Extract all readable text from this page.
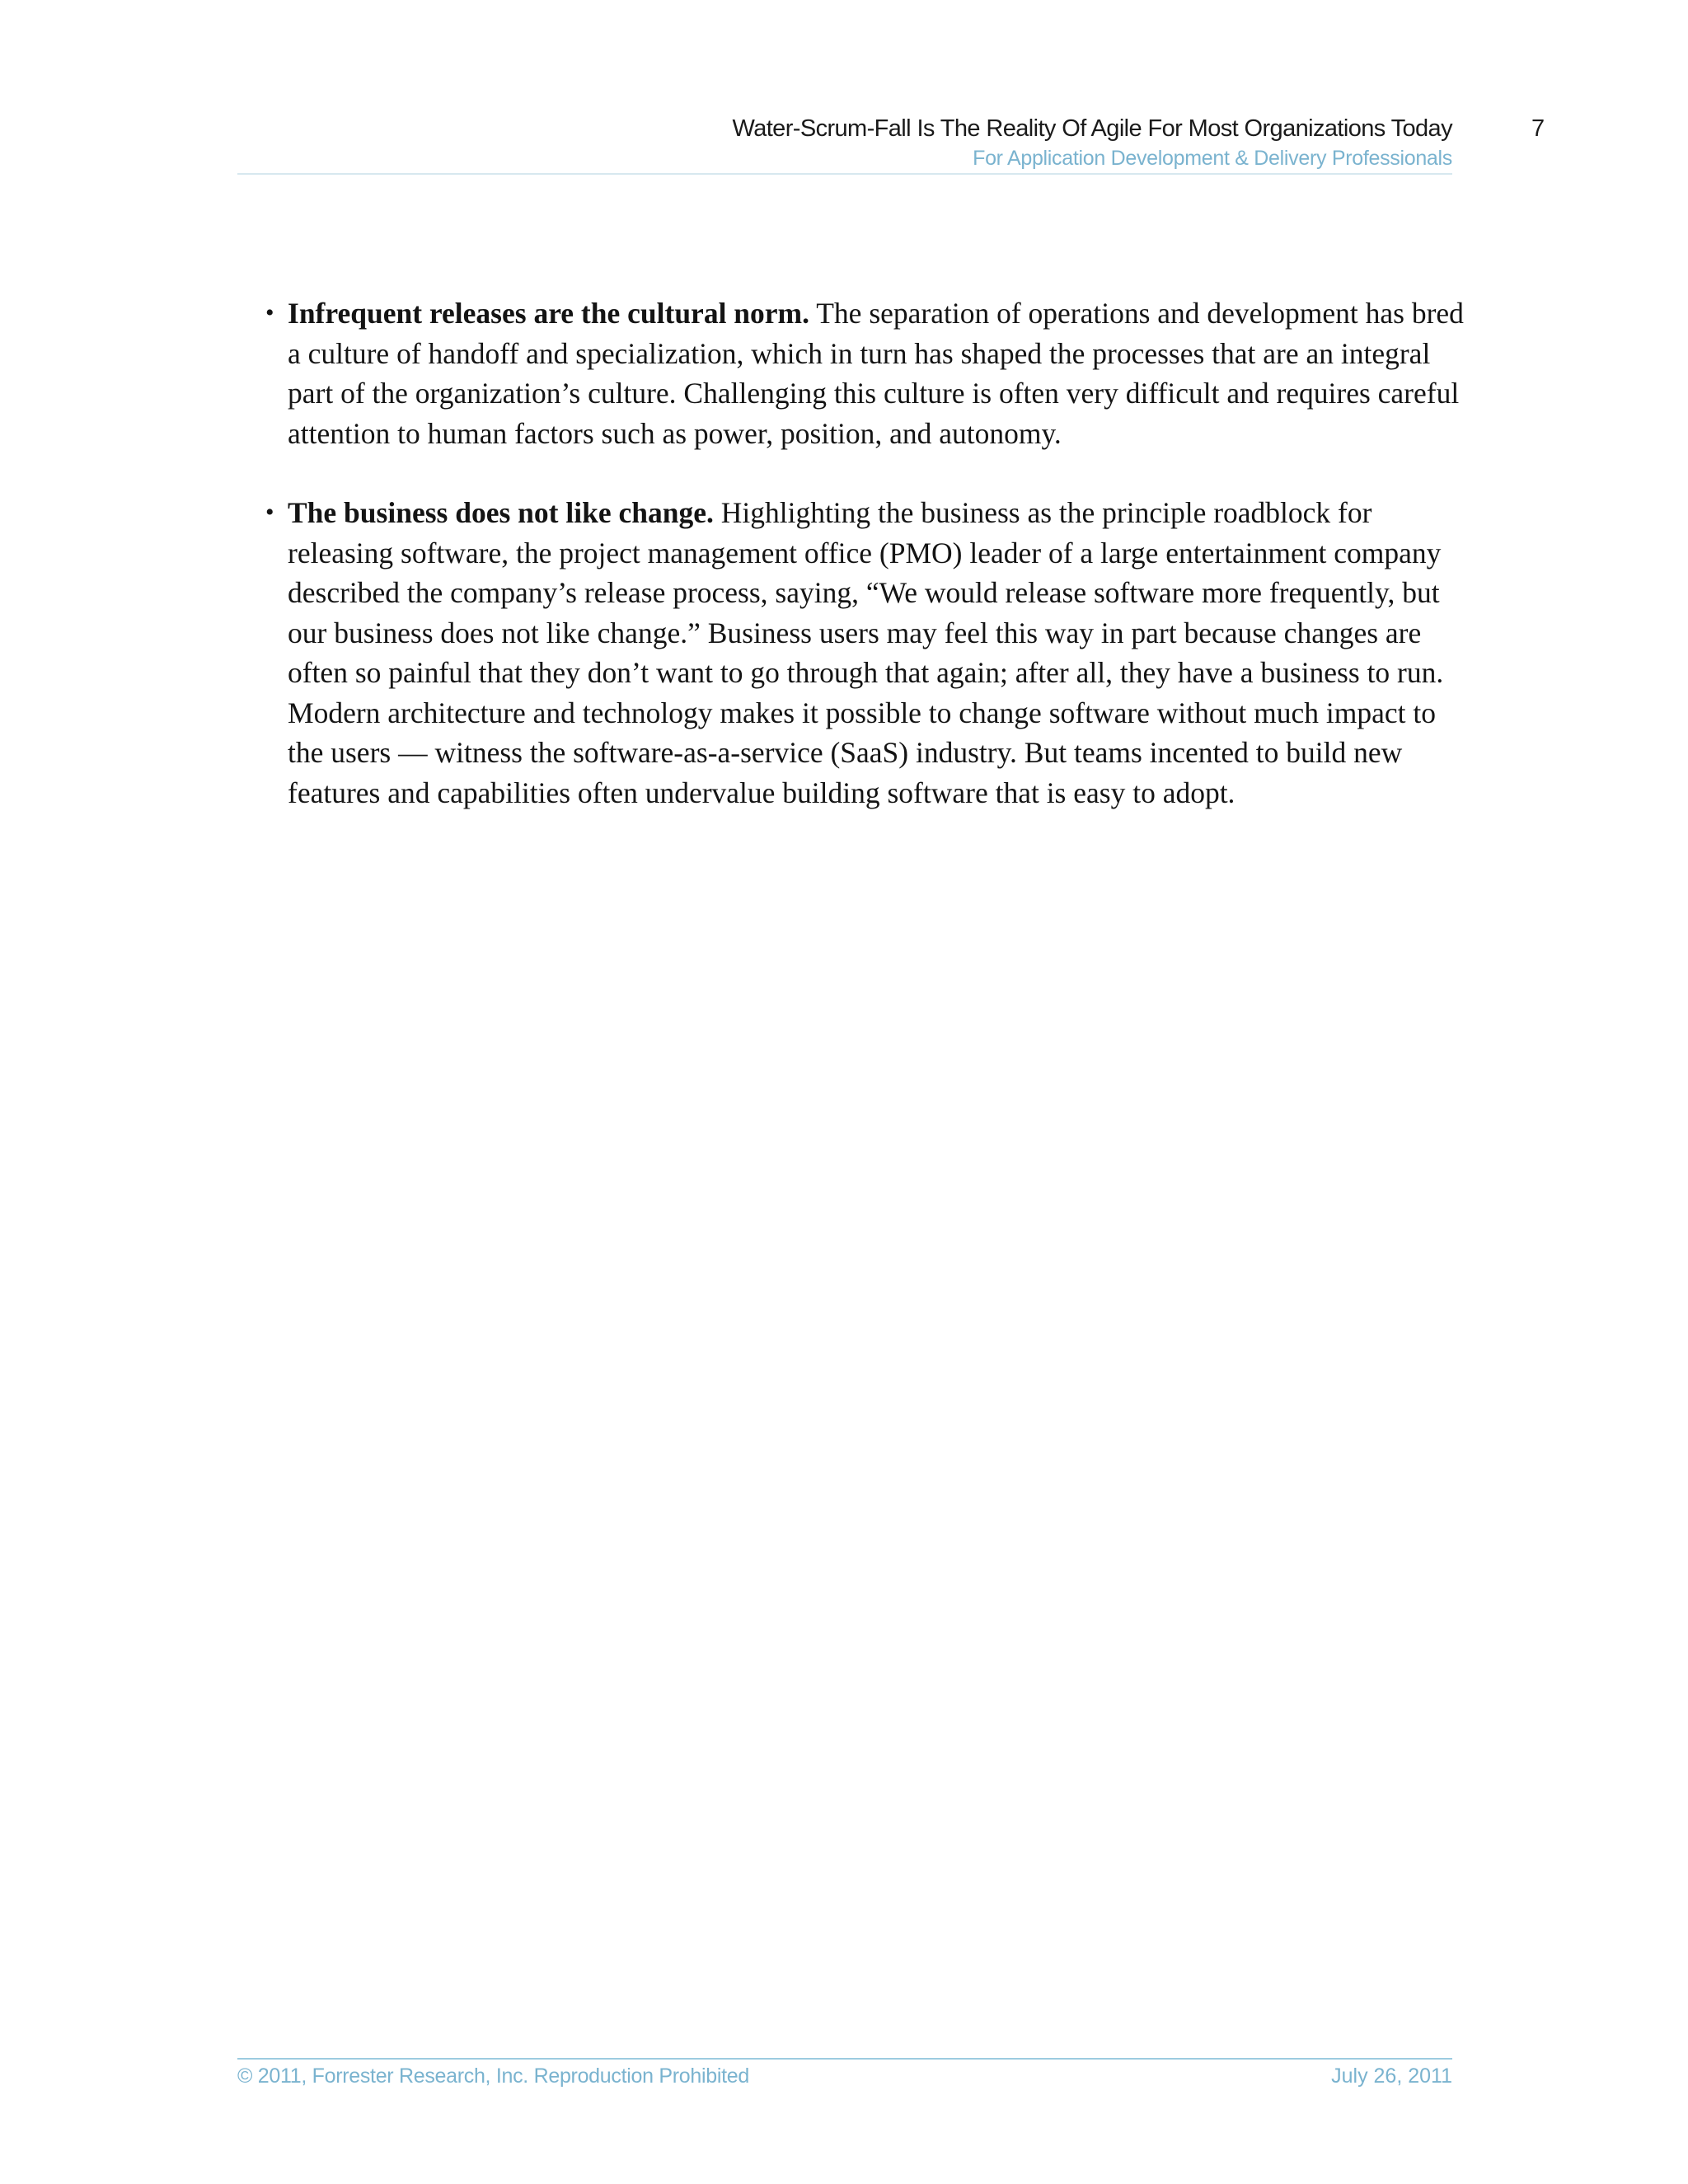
Water-Scrum-Fall Is The Reality Of Agile For Most Organizations Today
For Application Development & Delivery Professionals
7
• Infrequent releases are the cultural norm. The separation of operations and development has bred a culture of handoff and specialization, which in turn has shaped the processes that are an integral part of the organization’s culture. Challenging this culture is often very difficult and requires careful attention to human factors such as power, position, and autonomy.
• The business does not like change. Highlighting the business as the principle roadblock for releasing software, the project management office (PMO) leader of a large entertainment company described the company’s release process, saying, “We would release software more frequently, but our business does not like change.” Business users may feel this way in part because changes are often so painful that they don’t want to go through that again; after all, they have a business to run. Modern architecture and technology makes it possible to change software without much impact to the users — witness the software-as-a-service (SaaS) industry. But teams incented to build new features and capabilities often undervalue building software that is easy to adopt.
© 2011, Forrester Research, Inc. Reproduction Prohibited	July 26, 2011
